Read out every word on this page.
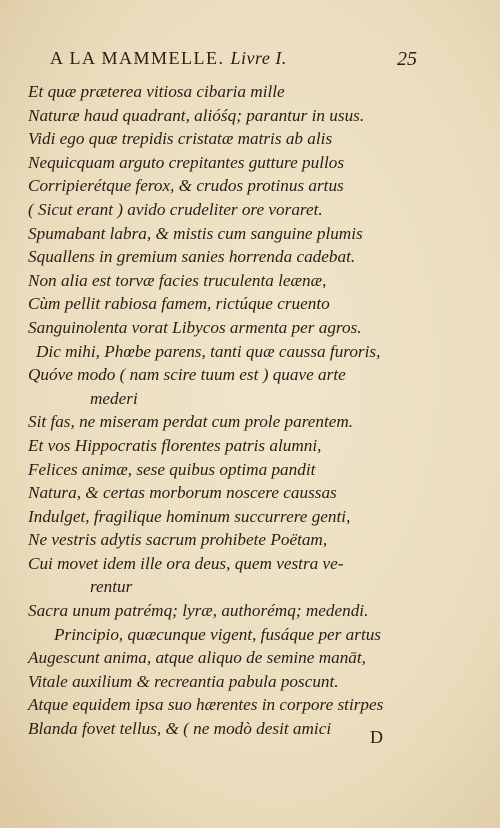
A LA MAMMELLE. Livre I.	25
Et quæ præterea vitiosa cibaria mille
Naturæ haud quadrant, alióśq; parantur in usus.
Vidi ego quæ trepidis cristatæ matris ab alis
Nequicquam arguto crepitantes gutture pullos
Corripierétque ferox, & crudos protinus artus
( Sicut erant ) avido crudeliter ore voraret.
Spumabant labra, & mistis cum sanguine plumis
Squallens in gremium sanies horrenda cadebat.
Non alia est torvæ facies truculenta leænæ,
Cùm pellit rabiosa famem, rictúque cruento
Sanguinolenta vorat Libycos armenta per agros.
Dic mihi, Phœbe parens, tanti quæ caussa furoris,
Quóve modo ( nam scire tuum est ) quave arte
mederi
Sit fas, ne miseram perdat cum prole parentem.
Et vos Hippocratis florentes patris alumni,
Felices animæ, sese quibus optima pandit
Natura, & certas morborum noscere caussas
Indulget, fragilique hominum succurrere genti,
Ne vestris adytis sacrum prohibete Poëtam,
Cui movet idem ille ora deus, quem vestra ve-
rentur
Sacra unum patrémq; lyræ, authorémq; medendi.
Principio, quæcunque vigent, fusáque per artus
Augescunt anima, atque aliquo de semine manāt,
Vitale auxilium & recreantia pabula poscunt.
Atque equidem ipsa suo hærentes in corpore stirpes
Blanda fovet tellus, & ( ne modò desit amici	D
